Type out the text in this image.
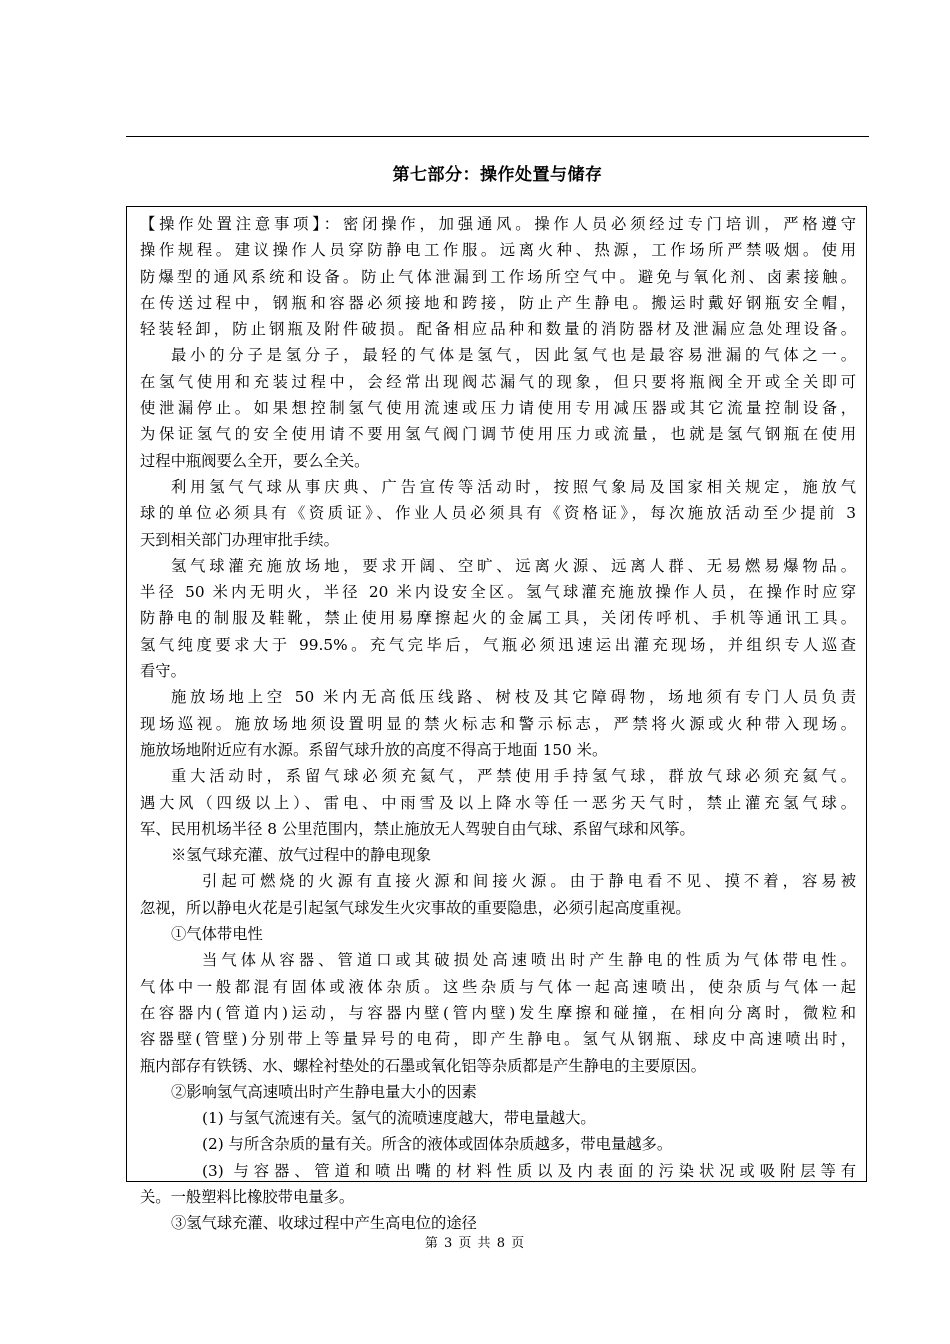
第七部分：操作处置与储存
【操作处置注意事项】：密闭操作，加强通风。操作人员必须经过专门培训，严格遵守
操作规程。建议操作人员穿防静电工作服。远离火种、热源，工作场所严禁吸烟。使用
防爆型的通风系统和设备。防止气体泄漏到工作场所空气中。避免与氧化剂、卤素接触。
在传送过程中，钢瓶和容器必须接地和跨接，防止产生静电。搬运时戴好钢瓶安全帽，
轻装轻卸，防止钢瓶及附件破损。配备相应品种和数量的消防器材及泄漏应急处理设备。
最小的分子是氢分子，最轻的气体是氢气，因此氢气也是最容易泄漏的气体之一。
在氢气使用和充装过程中，会经常出现阀芯漏气的现象，但只要将瓶阀全开或全关即可
使泄漏停止。如果想控制氢气使用流速或压力请使用专用减压器或其它流量控制设备，
为保证氢气的安全使用请不要用氢气阀门调节使用压力或流量，也就是氢气钢瓶在使用
过程中瓶阀要么全开，要么全关。
利用氢气气球从事庆典、广告宣传等活动时，按照气象局及国家相关规定，施放气
球的单位必须具有《资质证》、作业人员必须具有《资格证》，每次施放活动至少提前 3
天到相关部门办理审批手续。
氢气球灌充施放场地，要求开阔、空旷、远离火源、远离人群、无易燃易爆物品。
半径 50 米内无明火，半径 20 米内设安全区。氢气球灌充施放操作人员，在操作时应穿
防静电的制服及鞋靴，禁止使用易摩擦起火的金属工具，关闭传呼机、手机等通讯工具。
氢气纯度要求大于 99.5%。充气完毕后，气瓶必须迅速运出灌充现场，并组织专人巡查
看守。
施放场地上空 50 米内无高低压线路、树枝及其它障碍物，场地须有专门人员负责
现场巡视。施放场地须设置明显的禁火标志和警示标志，严禁将火源或火种带入现场。
施放场地附近应有水源。系留气球升放的高度不得高于地面 150 米。
重大活动时，系留气球必须充氦气，严禁使用手持氢气球，群放气球必须充氦气。
遇大风（四级以上）、雷电、中雨雪及以上降水等任一恶劣天气时，禁止灌充氢气球。
军、民用机场半径 8 公里范围内，禁止施放无人驾驶自由气球、系留气球和风筝。
※氢气球充灌、放气过程中的静电现象
引起可燃烧的火源有直接火源和间接火源。由于静电看不见、摸不着，容易被
忽视，所以静电火花是引起氢气球发生火灾事故的重要隐患，必须引起高度重视。
①气体带电性
当气体从容器、管道口或其破损处高速喷出时产生静电的性质为气体带电性。
气体中一般都混有固体或液体杂质。这些杂质与气体一起高速喷出，使杂质与气体一起
在容器内(管道内)运动，与容器内壁(管内壁)发生摩擦和碰撞，在相向分离时，微粒和
容器壁(管壁)分别带上等量异号的电荷，即产生静电。氢气从钢瓶、球皮中高速喷出时，
瓶内部存有铁锈、水、螺栓衬垫处的石墨或氧化铝等杂质都是产生静电的主要原因。
②影响氢气高速喷出时产生静电量大小的因素
(1) 与氢气流速有关。氢气的流喷速度越大，带电量越大。
(2) 与所含杂质的量有关。所含的液体或固体杂质越多，带电量越多。
(3) 与容器、管道和喷出嘴的材料性质以及内表面的污染状况或吸附层等有
关。一般塑料比橡胶带电量多。
③氢气球充灌、收球过程中产生高电位的途径
第 3 页 共 8 页
